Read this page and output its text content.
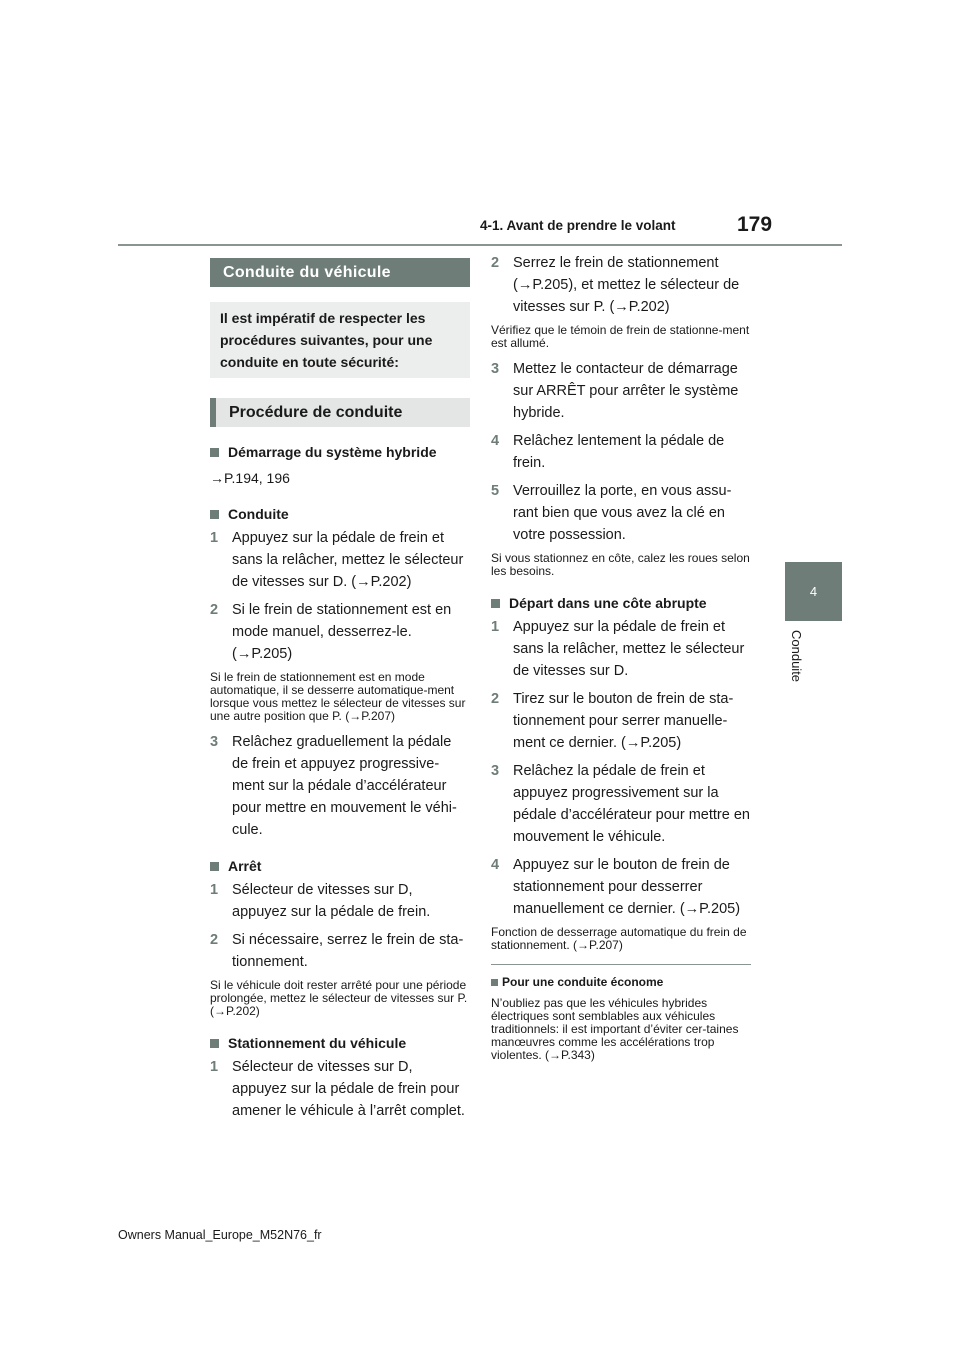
4-1. Avant de prendre le volant	179
4
Conduite
Conduite du véhicule
Il est impératif de respecter les procédures suivantes, pour une conduite en toute sécurité:
Procédure de conduite
Démarrage du système hybride
→P.194, 196
Conduite
1 Appuyez sur la pédale de frein et sans la relâcher, mettez le sélecteur de vitesses sur D. (→P.202)
2 Si le frein de stationnement est en mode manuel, desserrez-le. (→P.205)
Si le frein de stationnement est en mode automatique, il se desserre automatique-ment lorsque vous mettez le sélecteur de vitesses sur une autre position que P. (→P.207)
3 Relâchez graduellement la pédale de frein et appuyez progressive-ment sur la pédale d’accélérateur pour mettre en mouvement le véhi-cule.
Arrêt
1 Sélecteur de vitesses sur D, appuyez sur la pédale de frein.
2 Si nécessaire, serrez le frein de sta-tionnement.
Si le véhicule doit rester arrêté pour une période prolongée, mettez le sélecteur de vitesses sur P. (→P.202)
Stationnement du véhicule
1 Sélecteur de vitesses sur D, appuyez sur la pédale de frein pour amener le véhicule à l’arrêt complet.
2 Serrez le frein de stationnement (→P.205), et mettez le sélecteur de vitesses sur P. (→P.202)
Vérifiez que le témoin de frein de stationne-ment est allumé.
3 Mettez le contacteur de démarrage sur ARRÊT pour arrêter le système hybride.
4 Relâchez lentement la pédale de frein.
5 Verrouillez la porte, en vous assu-rant bien que vous avez la clé en votre possession.
Si vous stationnez en côte, calez les roues selon les besoins.
Départ dans une côte abrupte
1 Appuyez sur la pédale de frein et sans la relâcher, mettez le sélecteur de vitesses sur D.
2 Tirez sur le bouton de frein de sta-tionnement pour serrer manuelle-ment ce dernier. (→P.205)
3 Relâchez la pédale de frein et appuyez progressivement sur la pédale d’accélérateur pour mettre en mouvement le véhicule.
4 Appuyez sur le bouton de frein de stationnement pour desserrer manuellement ce dernier. (→P.205)
Fonction de desserrage automatique du frein de stationnement. (→P.207)
Pour une conduite économe
N’oubliez pas que les véhicules hybrides électriques sont semblables aux véhicules traditionnels: il est important d’éviter cer-taines manœuvres comme les accélérations trop violentes. (→P.343)
Owners Manual_Europe_M52N76_fr
